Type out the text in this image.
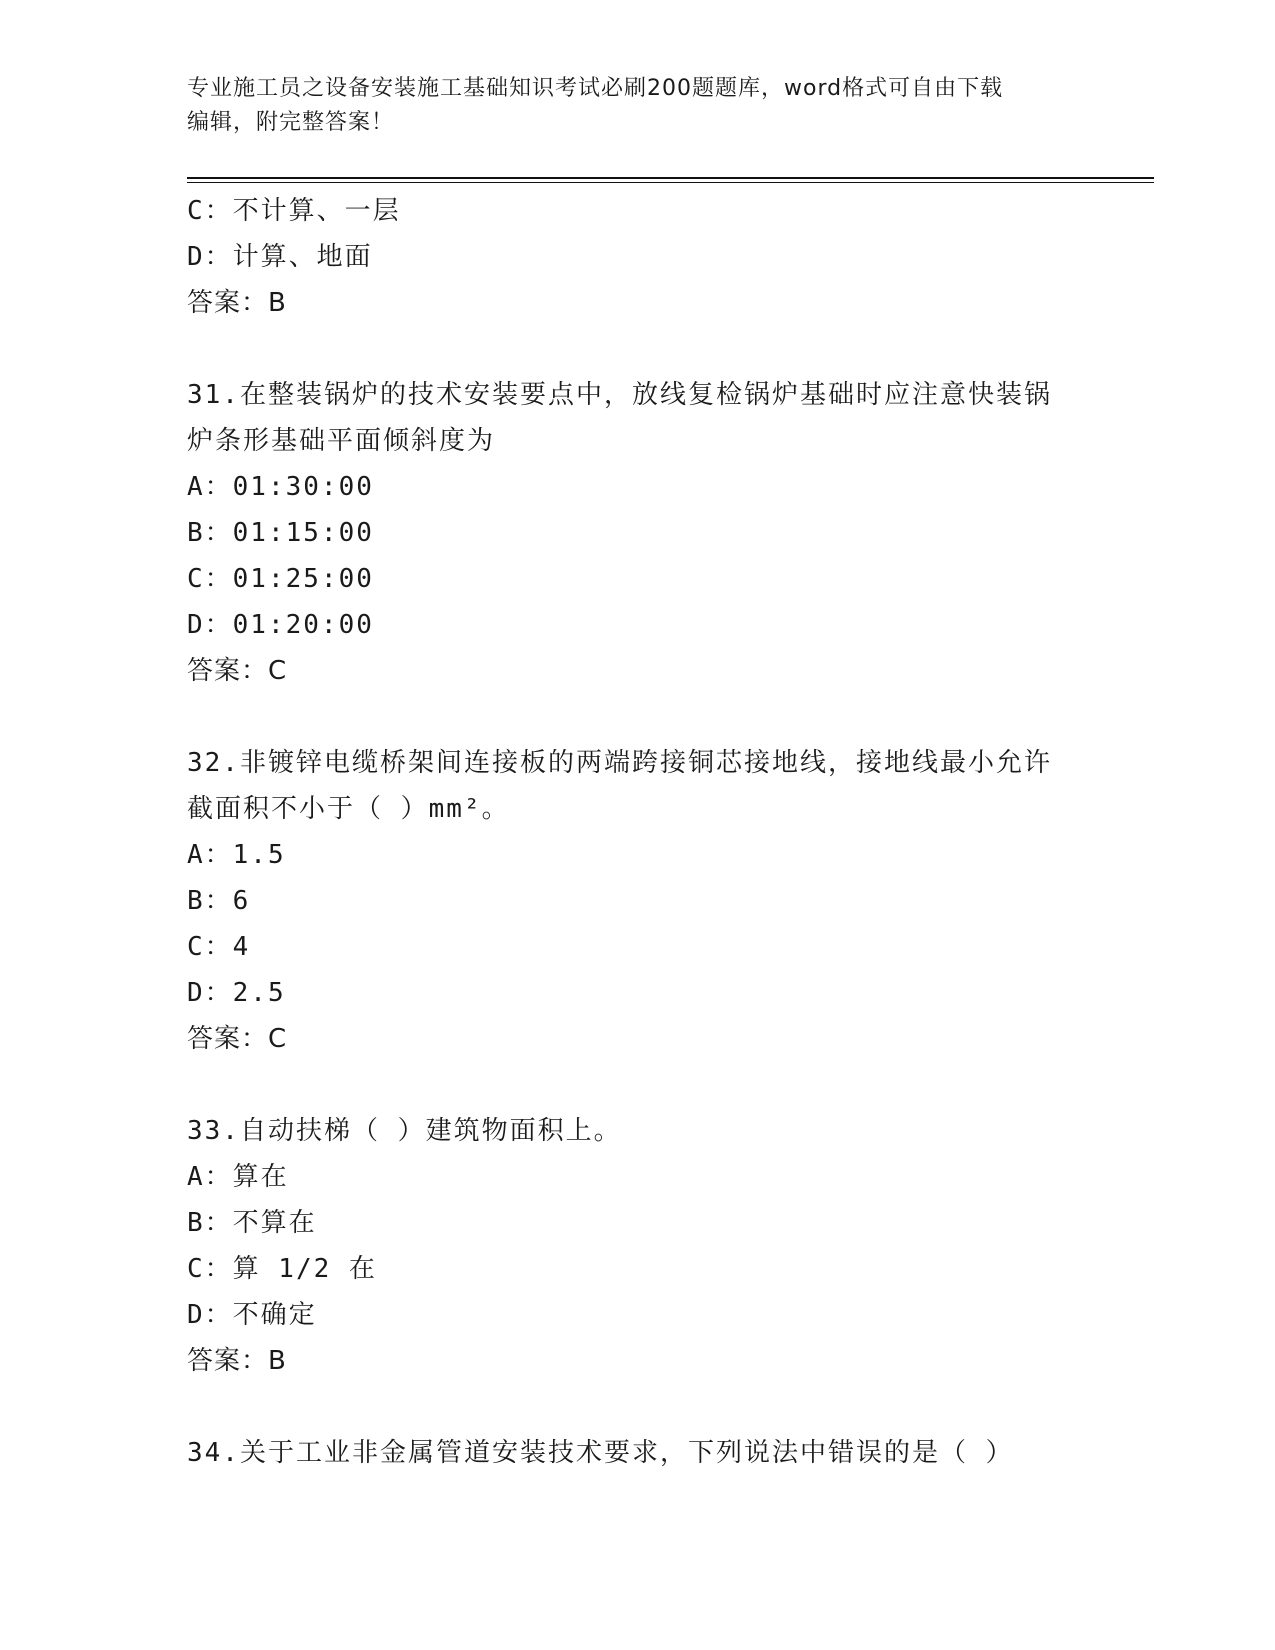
专业施工员之设备安装施工基础知识考试必刷200题题库，word格式可自由下载
编辑，附完整答案！
C：不计算、一层
D：计算、地面
答案：B
31.在整装锅炉的技术安装要点中，放线复检锅炉基础时应注意快装锅
炉条形基础平面倾斜度为
A：01:30:00
B：01:15:00
C：01:25:00
D：01:20:00
答案：C
32.非镀锌电缆桥架间连接板的两端跨接铜芯接地线，接地线最小允许
截面积不小于（ ）mm²。
A：1.5
B：6
C：4
D：2.5
答案：C
33.自动扶梯（ ）建筑物面积上。
A：算在
B：不算在
C：算 1/2 在
D：不确定
答案：B
34.关于工业非金属管道安装技术要求，下列说法中错误的是（ ）
